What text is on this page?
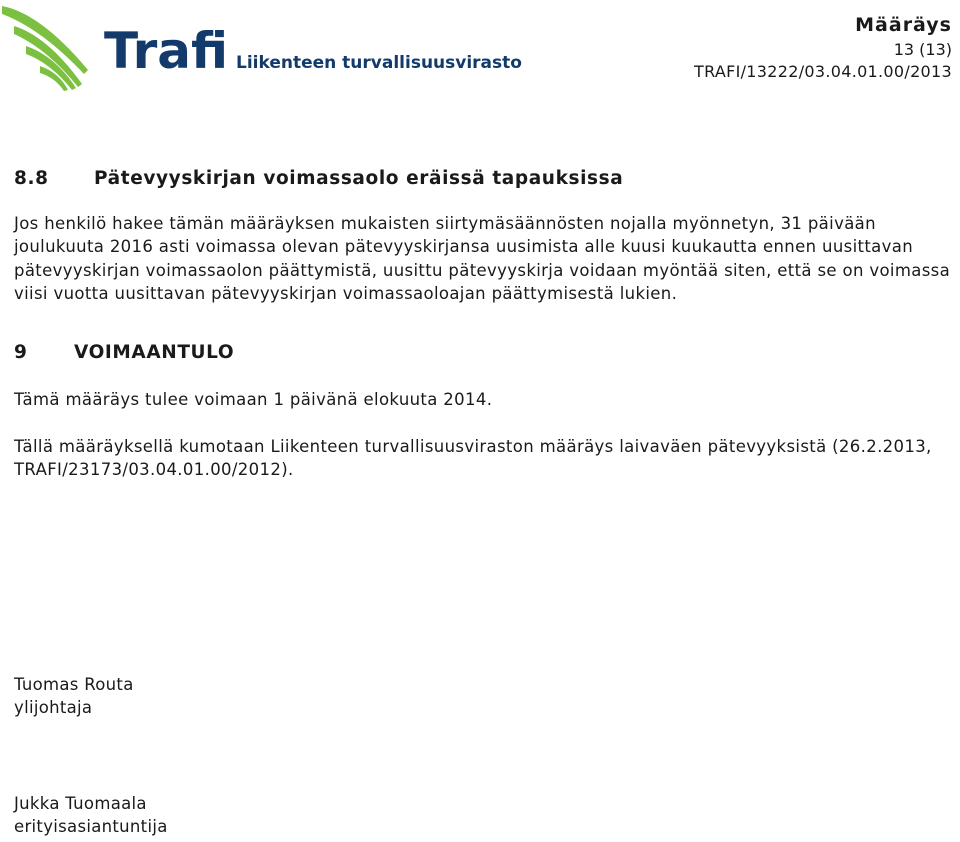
Trafi Liikenteen turvallisuusvirasto
Määräys
13 (13)
TRAFI/13222/03.04.01.00/2013
8.8	Pätevyyskirjan voimassaolo eräissä tapauksissa

Jos henkilö hakee tämän määräyksen mukaisten siirtymäsäännösten nojalla myönnetyn, 31 päivään joulukuuta 2016 asti voimassa olevan pätevyyskirjansa uusimista alle kuusi kuukautta ennen uusittavan pätevyyskirjan voimassaolon päättymistä, uusittu pätevyyskirja voidaan myöntää siten, että se on voimassa viisi vuotta uusittavan pätevyyskirjan voimassaoloajan päättymisestä lukien.

9	VOIMAANTULO

Tämä määräys tulee voimaan 1 päivänä elokuuta 2014.

Tällä määräyksellä kumotaan Liikenteen turvallisuusviraston määräys laivaväen pätevyyksistä (26.2.2013, TRAFI/23173/03.04.01.00/2012).

Tuomas Routa
ylijohtaja
Jukka Tuomaala
erityisasiantuntija
